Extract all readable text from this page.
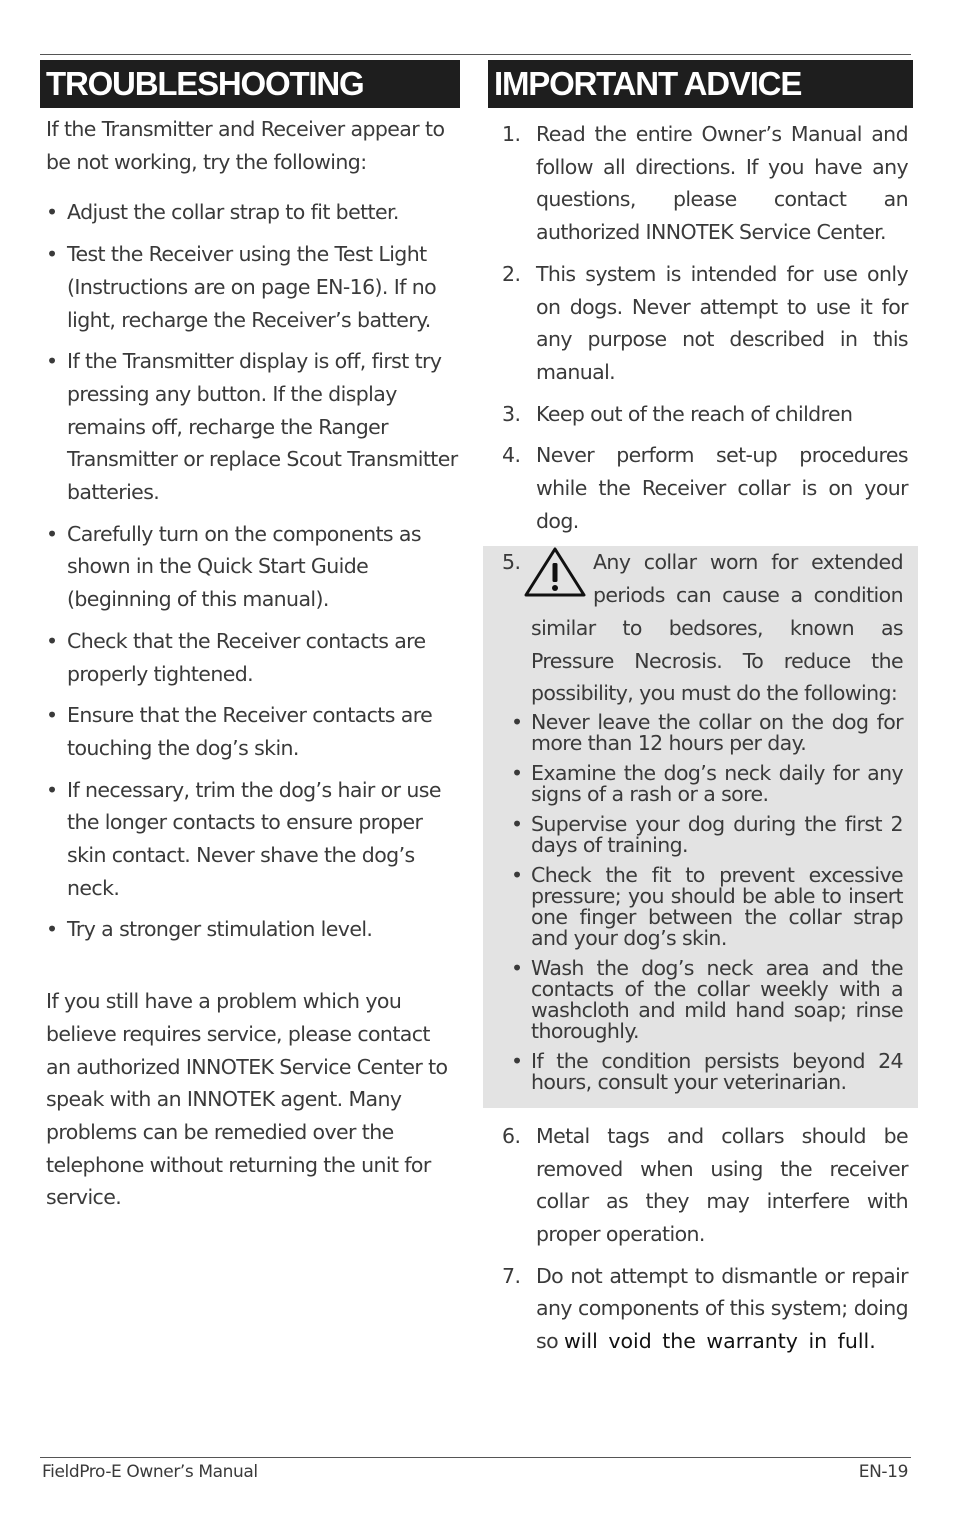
TROUBLESHOOTING

If the Transmitter and Receiver appear to be not working, try the following:

• Adjust the collar strap to fit better.
• Test the Receiver using the Test Light (Instructions are on page EN-16). If no light, recharge the Receiver’s battery.
• If the Transmitter display is off, first try pressing any button. If the display remains off, recharge the Ranger Transmitter or replace Scout Transmitter batteries.
• Carefully turn on the components as shown in the Quick Start Guide (beginning of this manual).
• Check that the Receiver contacts are properly tightened.
• Ensure that the Receiver contacts are touching the dog’s skin.
• If necessary, trim the dog’s hair or use the longer contacts to ensure proper skin contact. Never shave the dog’s neck.
• Try a stronger stimulation level.

If you still have a problem which you believe requires service, please contact an authorized INNOTEK Service Center to speak with an INNOTEK agent. Many problems can be remedied over the telephone without returning the unit for service.

IMPORTANT ADVICE
1. Read the entire Owner’s Manual and follow all directions. If you have any questions, please contact an authorized INNOTEK Service Center.
2. This system is intended for use only on dogs. Never attempt to use it for any purpose not described in this manual.
3. Keep out of the reach of children
4. Never perform set-up procedures while the Receiver collar is on your dog.
5.	Any collar worn for extended periods can cause a condition similar to bedsores, known as Pressure Necrosis. To reduce the possibility, you must do the following:
• Never leave the collar on the dog for more than 12 hours per day.
• Examine the dog’s neck daily for any signs of a rash or a sore.
• Supervise your dog during the first 2 days of training.
• Check the fit to prevent excessive pressure; you should be able to insert one finger between the collar strap and your dog’s skin.
• Wash the dog’s neck area and the contacts of the collar weekly with a washcloth and mild hand soap; rinse thoroughly.
• If the condition persists beyond 24 hours, consult your veterinarian.
6. Metal tags and collars should be removed when using the receiver collar as they may interfere with proper operation.
7. Do not attempt to dismantle or repair any components of this system; doing so will void the warranty in full.
FieldPro-E Owner’s Manual	EN-19
